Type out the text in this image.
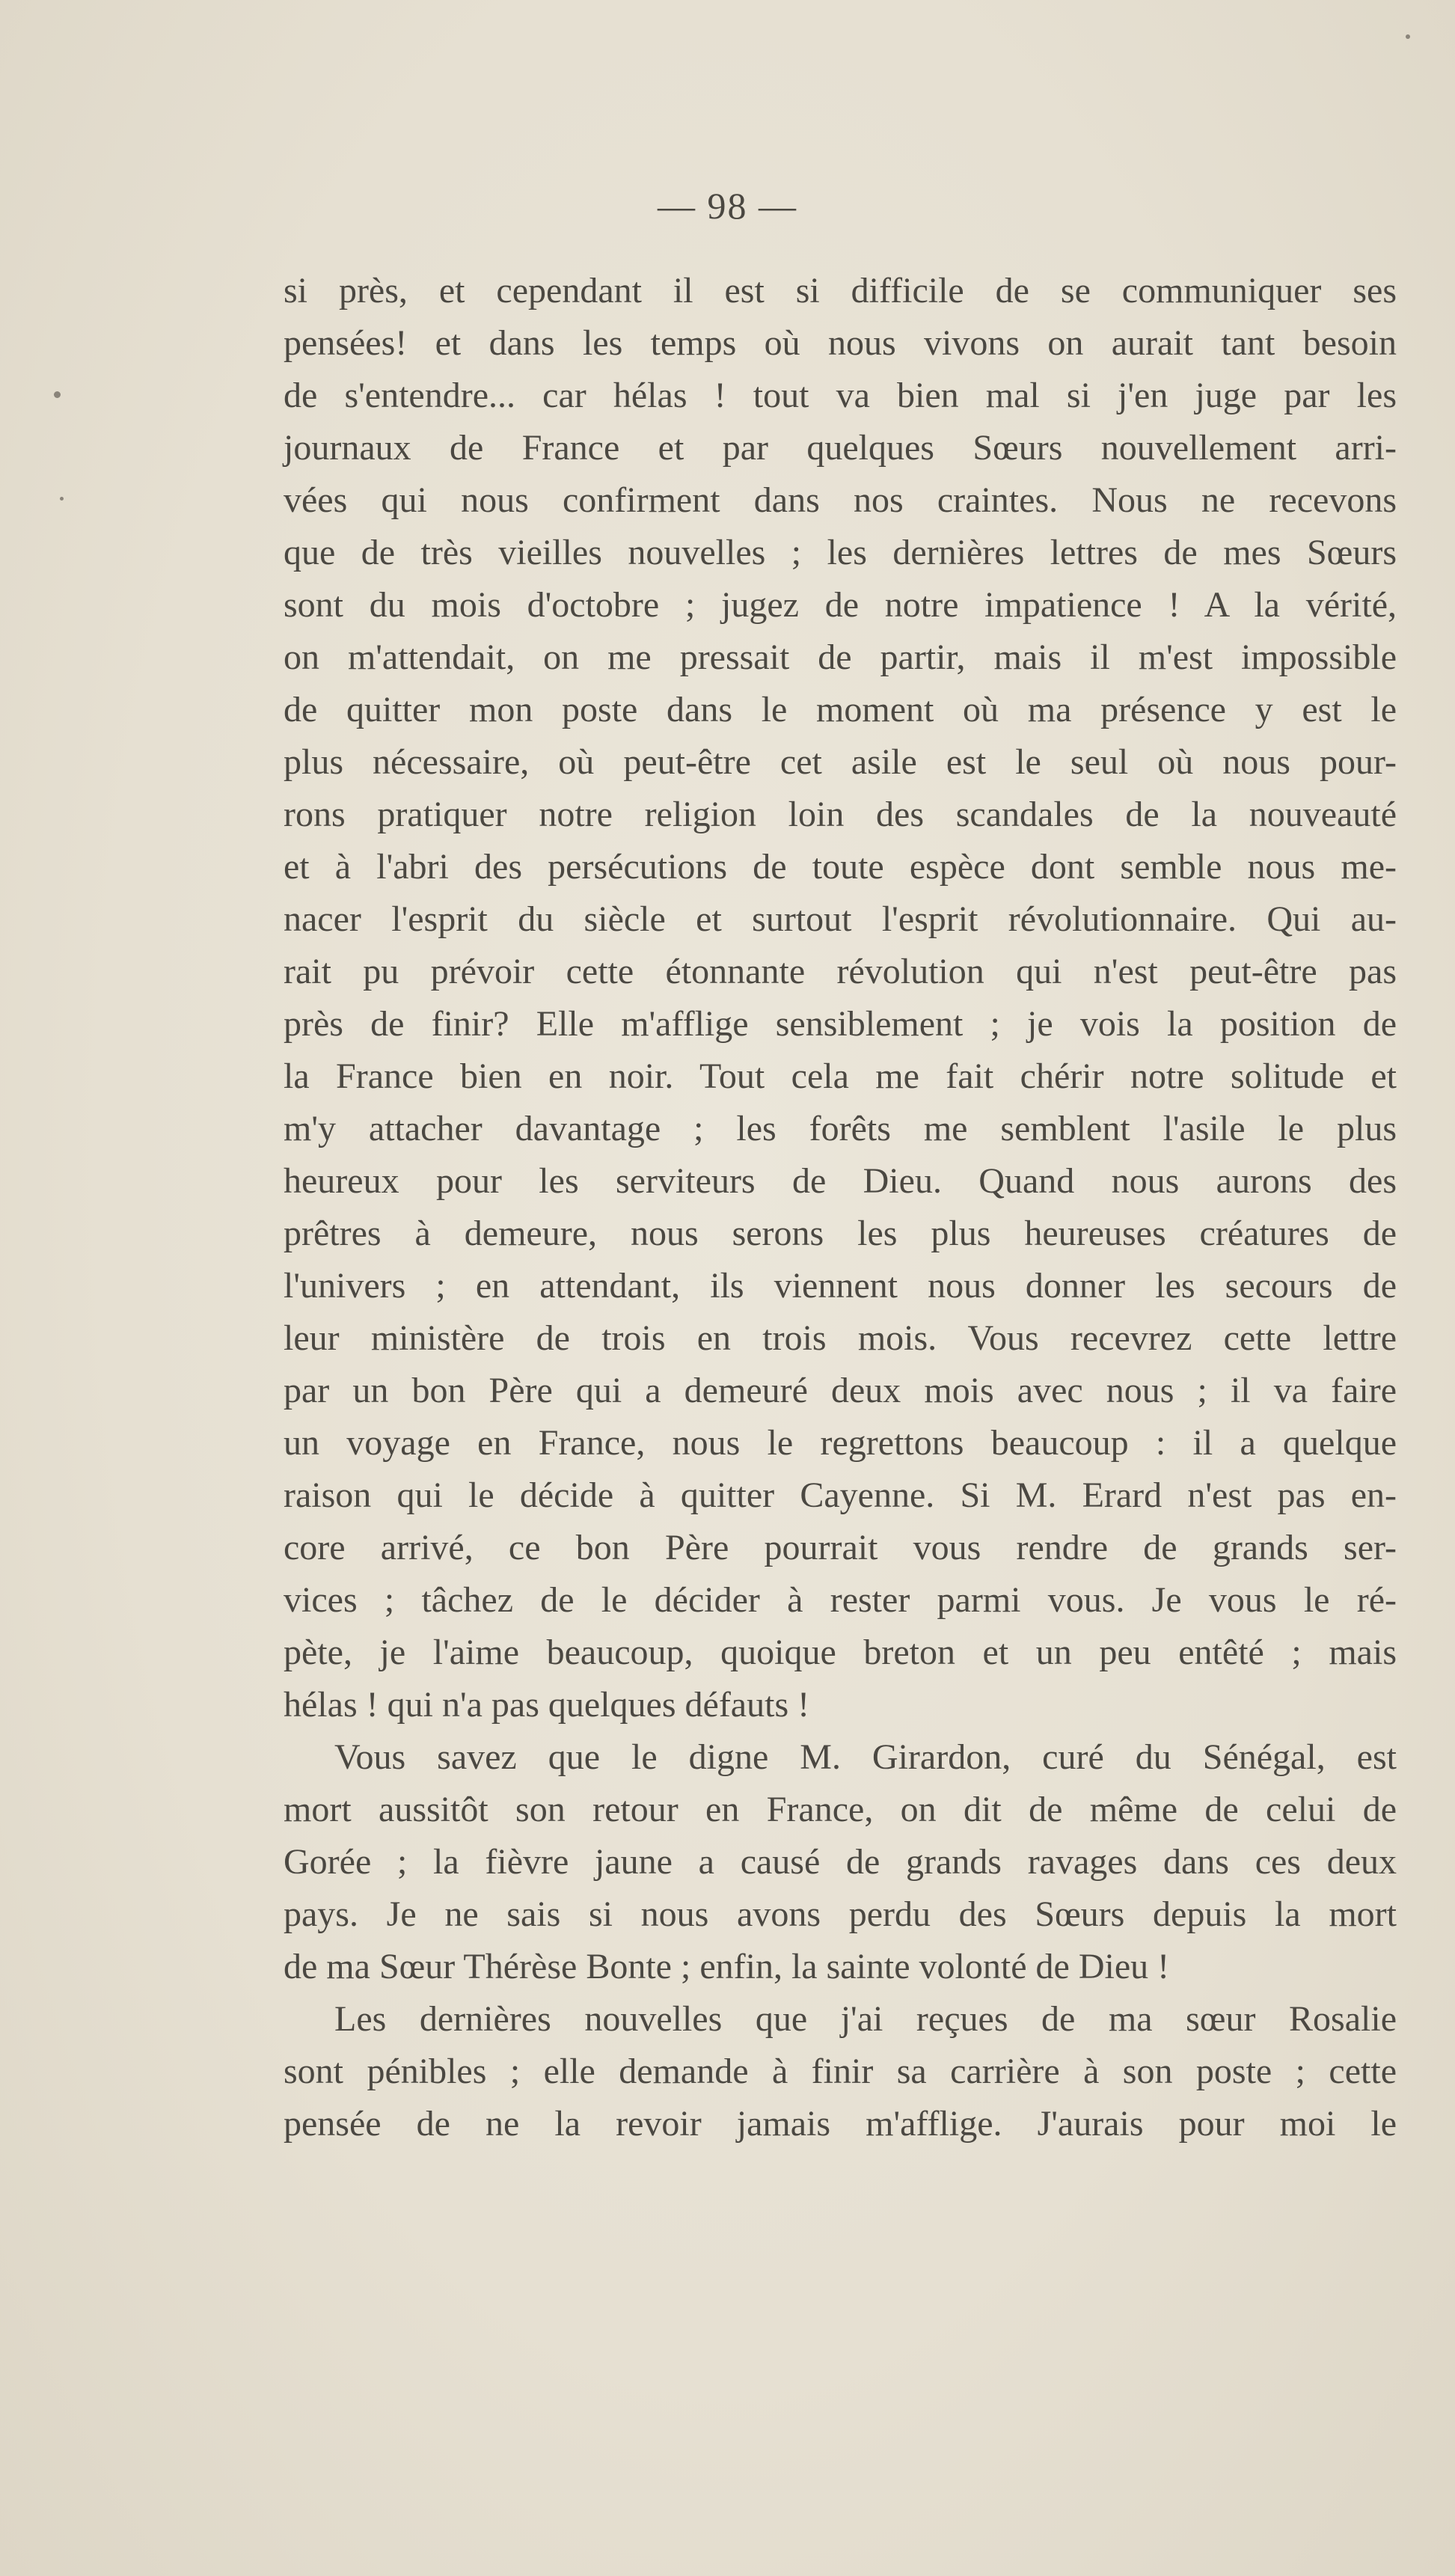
— 98 —
si près, et cependant il est si difficile de se communiquer ses
pensées! et dans les temps où nous vivons on aurait tant besoin
de s'entendre... car hélas ! tout va bien mal si j'en juge par les
journaux de France et par quelques Sœurs nouvellement arri-
vées qui nous confirment dans nos craintes. Nous ne recevons
que de très vieilles nouvelles ; les dernières lettres de mes Sœurs
sont du mois d'octobre ; jugez de notre impatience ! A la vérité,
on m'attendait, on me pressait de partir, mais il m'est impossible
de quitter mon poste dans le moment où ma présence y est le
plus nécessaire, où peut-être cet asile est le seul où nous pour-
rons pratiquer notre religion loin des scandales de la nouveauté
et à l'abri des persécutions de toute espèce dont semble nous me-
nacer l'esprit du siècle et surtout l'esprit révolutionnaire. Qui au-
rait pu prévoir cette étonnante révolution qui n'est peut-être pas
près de finir? Elle m'afflige sensiblement ; je vois la position de
la France bien en noir. Tout cela me fait chérir notre solitude et
m'y attacher davantage ; les forêts me semblent l'asile le plus
heureux pour les serviteurs de Dieu. Quand nous aurons des
prêtres à demeure, nous serons les plus heureuses créatures de
l'univers ; en attendant, ils viennent nous donner les secours de
leur ministère de trois en trois mois. Vous recevrez cette lettre
par un bon Père qui a demeuré deux mois avec nous ; il va faire
un voyage en France, nous le regrettons beaucoup : il a quelque
raison qui le décide à quitter Cayenne. Si M. Erard n'est pas en-
core arrivé, ce bon Père pourrait vous rendre de grands ser-
vices ; tâchez de le décider à rester parmi vous. Je vous le ré-
pète, je l'aime beaucoup, quoique breton et un peu entêté ; mais
hélas ! qui n'a pas quelques défauts !
Vous savez que le digne M. Girardon, curé du Sénégal, est
mort aussitôt son retour en France, on dit de même de celui de
Gorée ; la fièvre jaune a causé de grands ravages dans ces deux
pays. Je ne sais si nous avons perdu des Sœurs depuis la mort
de ma Sœur Thérèse Bonte ; enfin, la sainte volonté de Dieu !
Les dernières nouvelles que j'ai reçues de ma sœur Rosalie
sont pénibles ; elle demande à finir sa carrière à son poste ; cette
pensée de ne la revoir jamais m'afflige. J'aurais pour moi le
